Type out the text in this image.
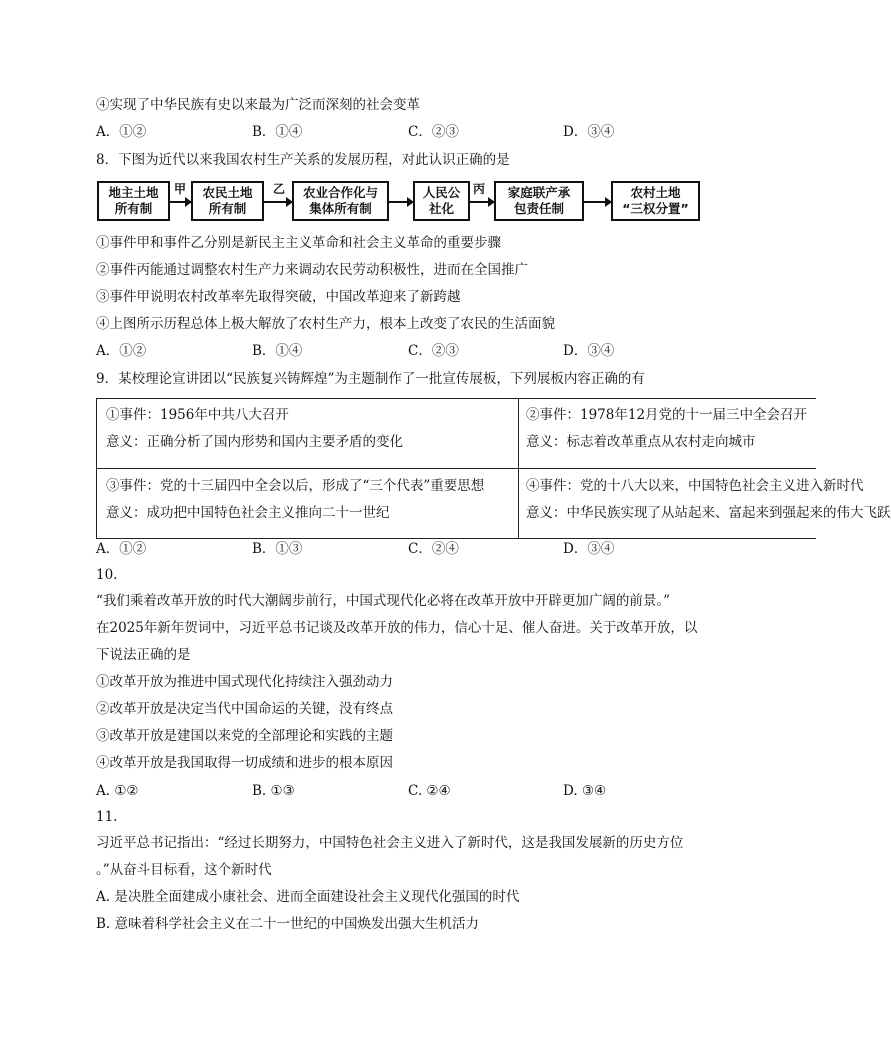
④实现了中华民族有史以来最为广泛而深刻的社会变革
A．①②	B．①④	C．②③	D．③④
8．下图为近代以来我国农村生产关系的发展历程，对此认识正确的是
地主土地
所有制
甲 农民土地
所有制
乙 农业合作化与
集体所有制
人民公
社化
丙 家庭联产承
包责任制
农村土地
“三权分置”
①事件甲和事件乙分别是新民主主义革命和社会主义革命的重要步骤
②事件丙能通过调整农村生产力来调动农民劳动积极性，进而在全国推广
③事件甲说明农村改革率先取得突破，中国改革迎来了新跨越
④上图所示历程总体上极大解放了农村生产力，根本上改变了农民的生活面貌
A．①②	B．①④	C．②③	D．③④
9．某校理论宣讲团以“民族复兴铸辉煌”为主题制作了一批宣传展板，下列展板内容正确的有
①事件：1956年中共八大召开
意义：正确分析了国内形势和国内主要矛盾的变化
②事件：1978年12月党的十一届三中全会召开
意义：标志着改革重点从农村走向城市
③事件：党的十三届四中全会以后，形成了“三个代表”重要思想
意义：成功把中国特色社会主义推向二十一世纪
④事件：党的十八大以来，中国特色社会主义进入新时代
意义：中华民族实现了从站起来、富起来到强起来的伟大飞跃
A．①②	B．①③	C．②④	D．③④
10.
“我们乘着改革开放的时代大潮阔步前行，中国式现代化必将在改革开放中开辟更加广阔的前景。”
在2025年新年贺词中，习近平总书记谈及改革开放的伟力，信心十足、催人奋进。关于改革开放，以
下说法正确的是
①改革开放为推进中国式现代化持续注入强劲动力
②改革开放是决定当代中国命运的关键，没有终点
③改革开放是建国以来党的全部理论和实践的主题
④改革开放是我国取得一切成绩和进步的根本原因
A. ①②	B. ①③	C. ②④	D. ③④
11.
习近平总书记指出：“经过长期努力，中国特色社会主义进入了新时代，这是我国发展新的历史方位
。”从奋斗目标看，这个新时代
A. 是决胜全面建成小康社会、进而全面建设社会主义现代化强国的时代
B. 意味着科学社会主义在二十一世纪的中国焕发出强大生机活力
